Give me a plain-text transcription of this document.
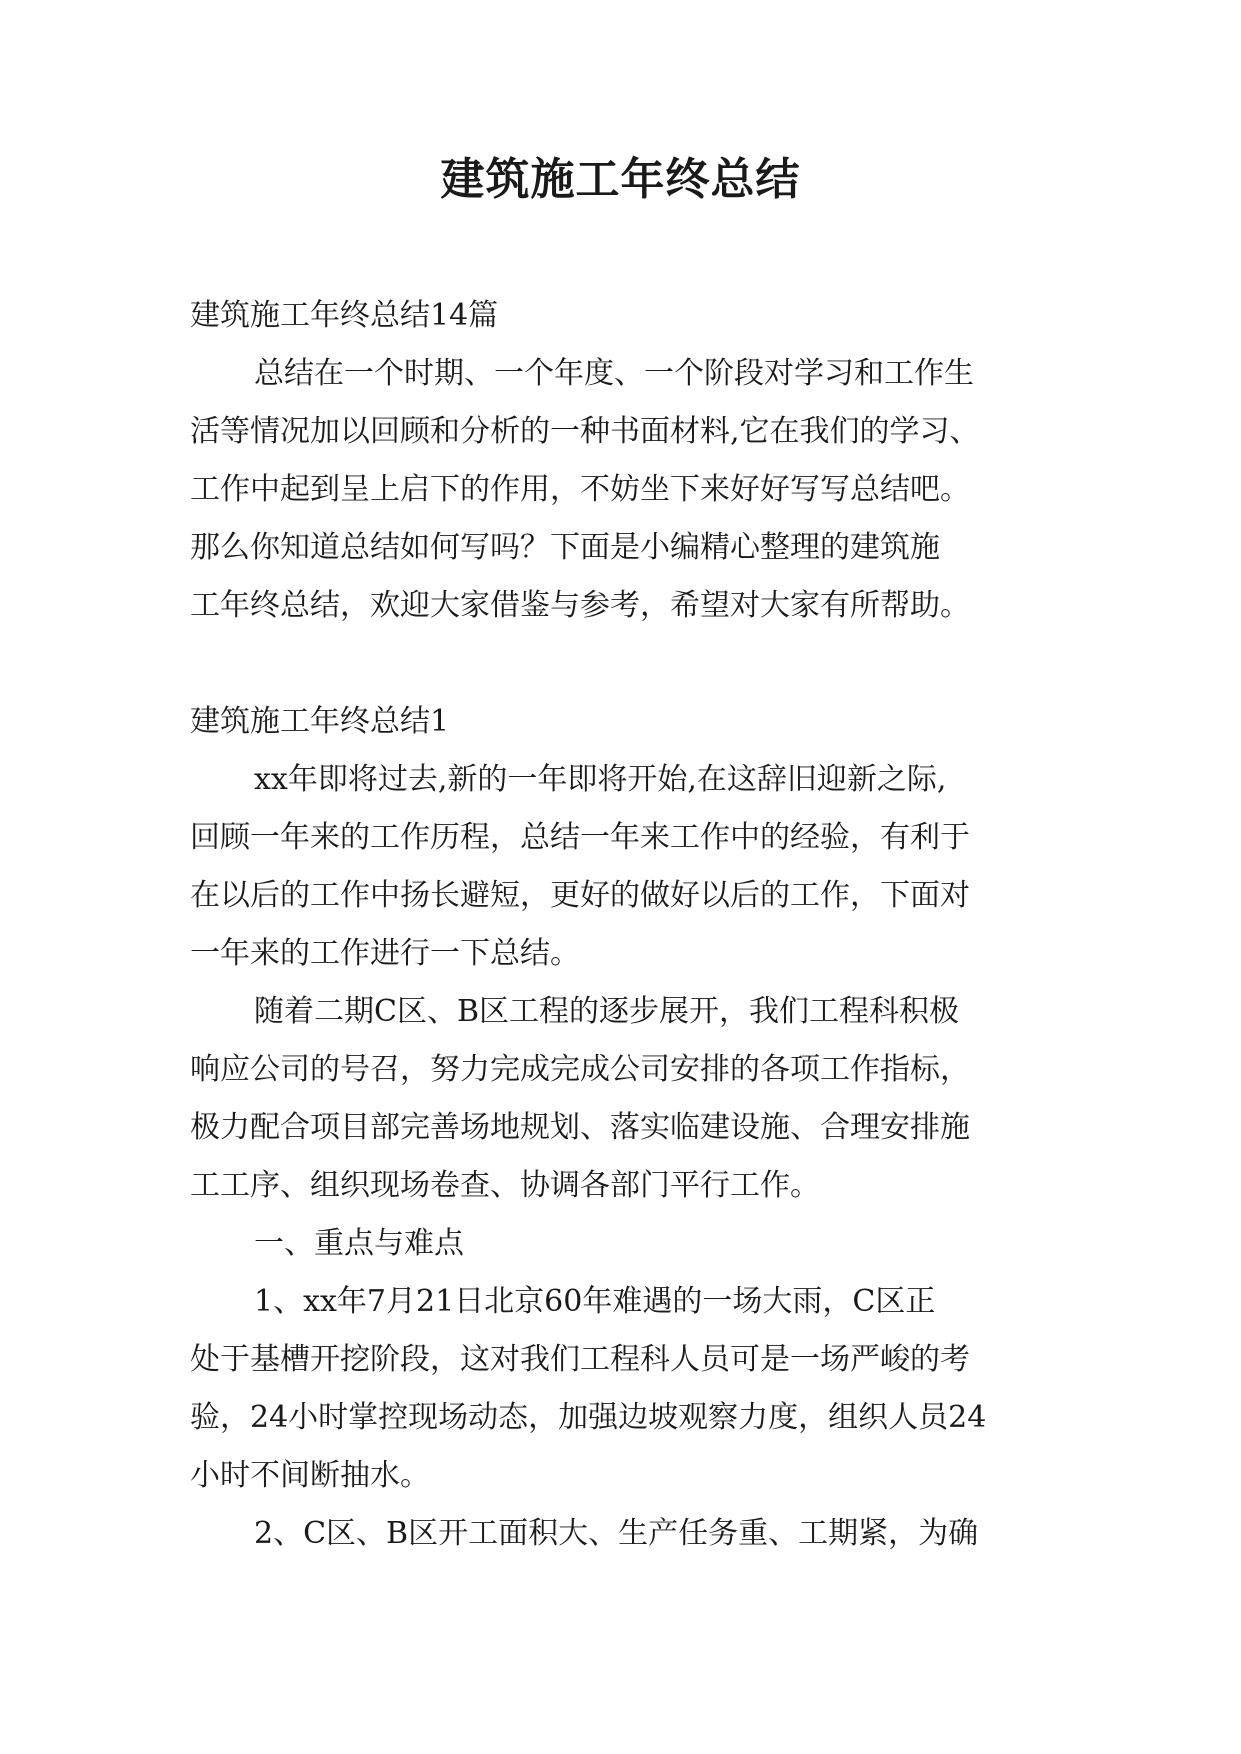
建筑施工年终总结

建筑施工年终总结14篇

总结在一个时期、一个年度、一个阶段对学习和工作生

活等情况加以回顾和分析的一种书面材料,它在我们的学习、

工作中起到呈上启下的作用，不妨坐下来好好写写总结吧。

那么你知道总结如何写吗？下面是小编精心整理的建筑施

工年终总结，欢迎大家借鉴与参考，希望对大家有所帮助。

建筑施工年终总结1

xx年即将过去,新的一年即将开始,在这辞旧迎新之际,

回顾一年来的工作历程，总结一年来工作中的经验，有利于

在以后的工作中扬长避短，更好的做好以后的工作，下面对

一年来的工作进行一下总结。

随着二期C区、B区工程的逐步展开，我们工程科积极

响应公司的号召，努力完成完成公司安排的各项工作指标，

极力配合项目部完善场地规划、落实临建设施、合理安排施

工工序、组织现场卷查、协调各部门平行工作。

一、重点与难点

1、xx年7月21日北京60年难遇的一场大雨，C区正

处于基槽开挖阶段，这对我们工程科人员可是一场严峻的考

验，24小时掌控现场动态，加强边坡观察力度，组织人员24

小时不间断抽水。

2、C区、B区开工面积大、生产任务重、工期紧，为确
